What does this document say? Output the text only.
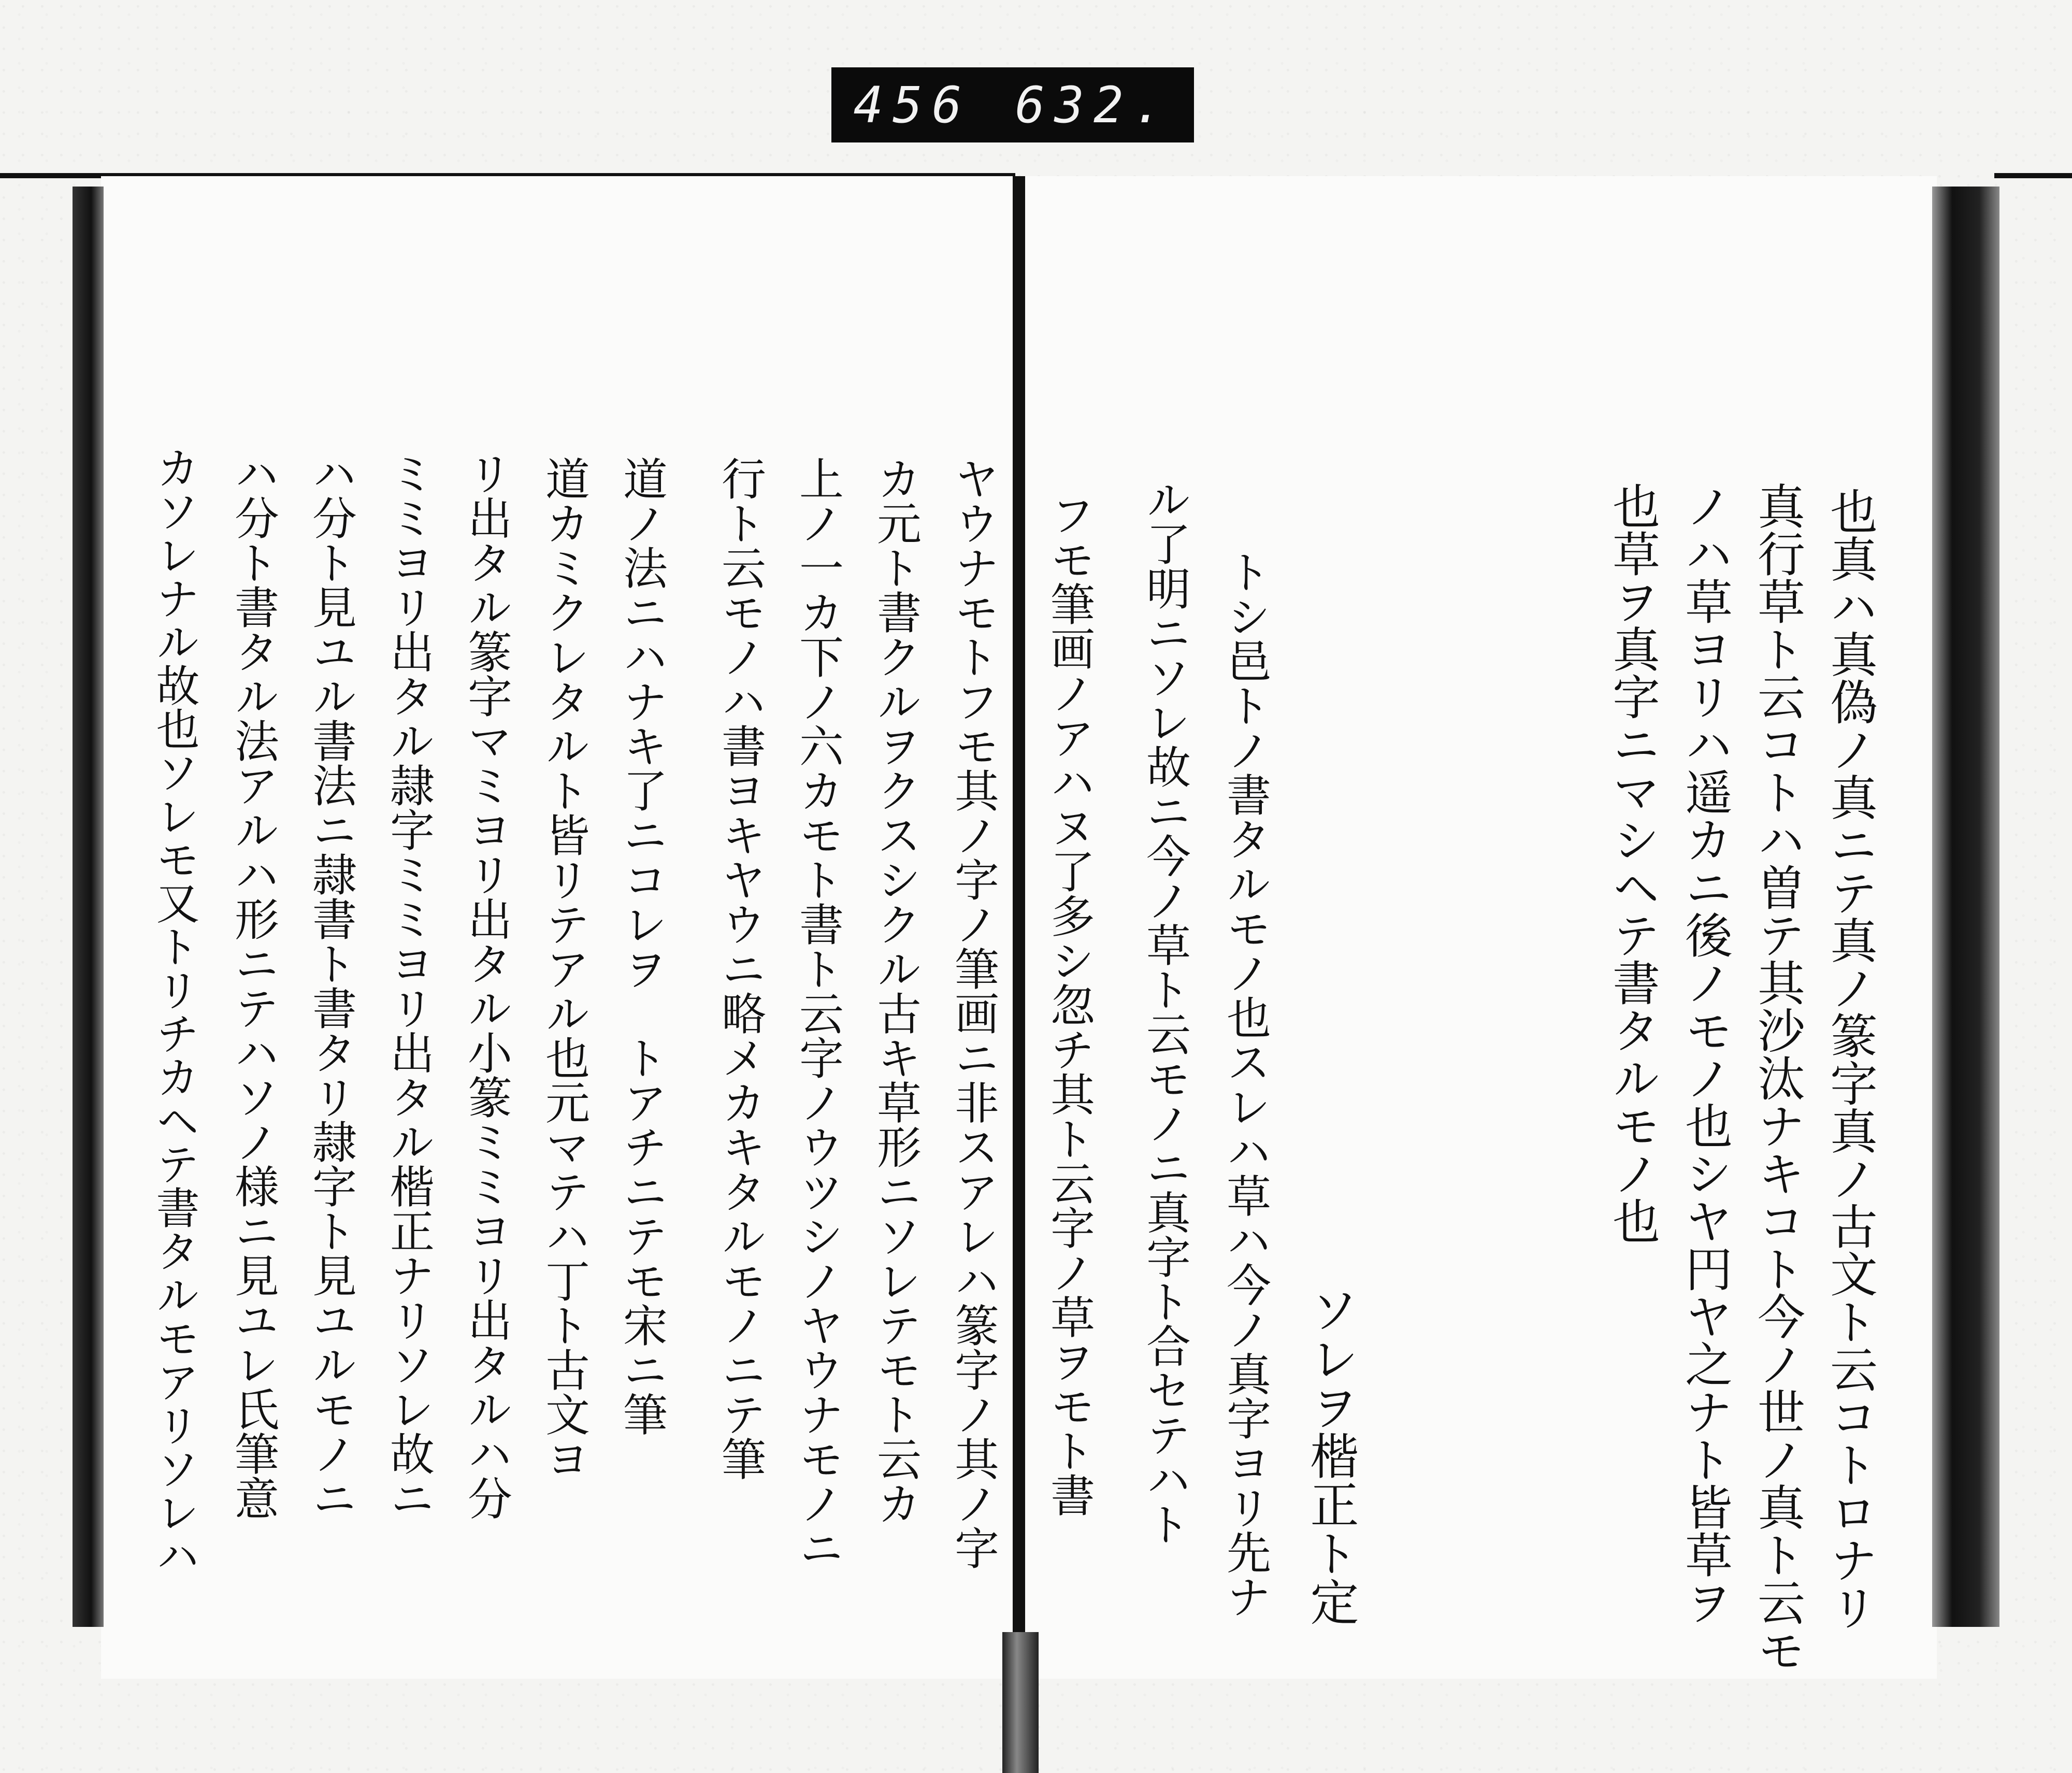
456 632.
也真ハ真偽ノ真ニテ真ノ篆字真ノ古文ト云コトロナリ
真行草ト云コトハ曽テ其沙汰ナキコト今ノ世ノ真ト云モ
ノハ草ヨリハ遥カニ後ノモノ也シヤ円ヤ之ナト皆草ヲ
也草ヲ真字ニマシヘテ書タルモノ也
ソレヲ楷正ト定
トシ邑トノ書タルモノ也スレハ草ハ今ノ真字ヨリ先ナ
ル了明ニソレ故ニ今ノ草ト云モノニ真字ト合セテハト
フモ筆画ノアハヌ了多シ忽チ其ト云字ノ草ヲモト書
ヤウナモトフモ其ノ字ノ筆画ニ非スアレハ篆字ノ其ノ字
カ元ト書クルヲクスシクル古キ草形ニソレテモト云カ
上ノ一カ下ノ六カモト書ト云字ノウツシノヤウナモノニ
行ト云モノハ書ヨキヤウニ略メカキタルモノニテ筆
道ノ法ニハナキ了ニコレヲ　トアチニテモ宋ニ筆
道カミクレタルト皆リテアル也元マテハ丁ト古文ヨ
リ出タル篆字マミヨリ出タル小篆ミミヨリ出タルハ分
ミミヨリ出タル隷字ミミヨリ出タル楷正ナリソレ故ニ
ハ分ト見ユル書法ニ隷書ト書タリ隷字ト見ユルモノニ
ハ分ト書タル法アルハ形ニテハソノ様ニ見ユレ氏筆意
カソレナル故也ソレモ又トリチカヘテ書タルモアリソレハ
